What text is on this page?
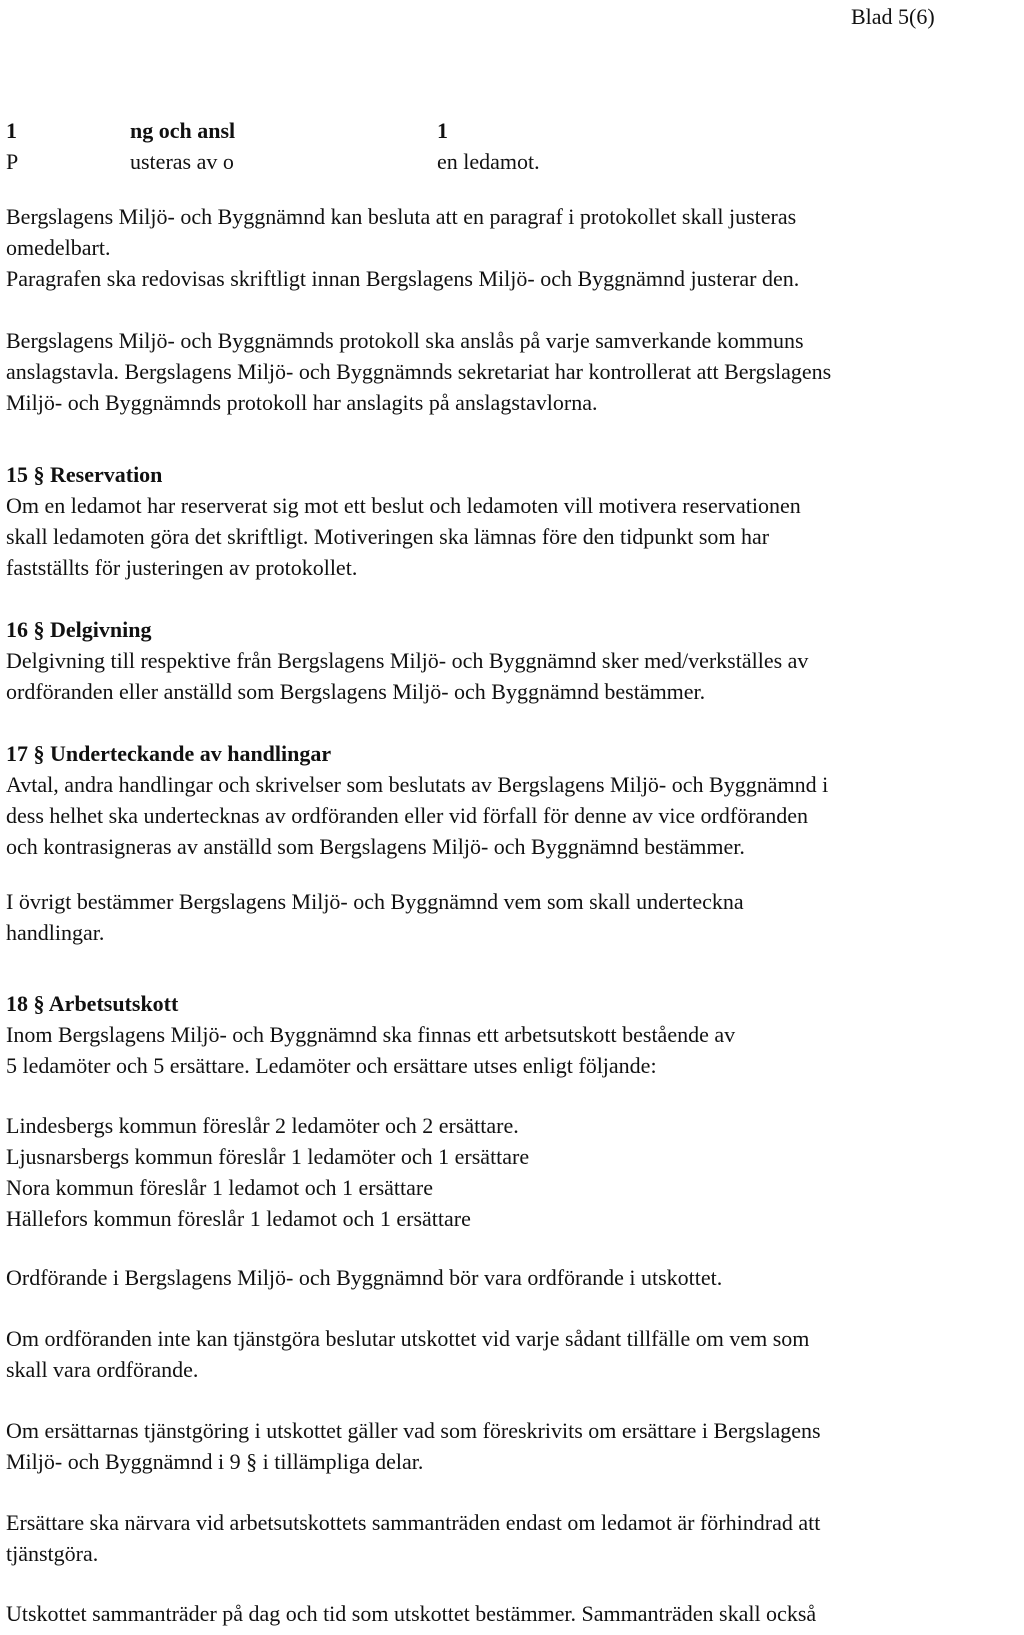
Blad 5(6)

1	ng och ansl	1
P	usteras av o	en ledamot.
Bergslagens Miljö- och Byggnämnd kan besluta att en paragraf i protokollet skall justeras
omedelbart.
Paragrafen ska redovisas skriftligt innan Bergslagens Miljö- och Byggnämnd justerar den.
Bergslagens Miljö- och Byggnämnds protokoll ska anslås på varje samverkande kommuns
anslagstavla. Bergslagens Miljö- och Byggnämnds sekretariat har kontrollerat att Bergslagens
Miljö- och Byggnämnds protokoll har anslagits på anslagstavlorna.
15 § Reservation
Om en ledamot har reserverat sig mot ett beslut och ledamoten vill motivera reservationen
skall ledamoten göra det skriftligt. Motiveringen ska lämnas före den tidpunkt som har
fastställts för justeringen av protokollet.
16 § Delgivning
Delgivning till respektive från Bergslagens Miljö- och Byggnämnd sker med/verkställes av
ordföranden eller anställd som Bergslagens Miljö- och Byggnämnd bestämmer.
17 § Underteckande av handlingar
Avtal, andra handlingar och skrivelser som beslutats av Bergslagens Miljö- och Byggnämnd i
dess helhet ska undertecknas av ordföranden eller vid förfall för denne av vice ordföranden
och kontrasigneras av anställd som Bergslagens Miljö- och Byggnämnd bestämmer.
I övrigt bestämmer Bergslagens Miljö- och Byggnämnd vem som skall underteckna
handlingar.
18 § Arbetsutskott
Inom Bergslagens Miljö- och Byggnämnd ska finnas ett arbetsutskott bestående av
5 ledamöter och 5 ersättare. Ledamöter och ersättare utses enligt följande:
Lindesbergs kommun föreslår 2 ledamöter och 2 ersättare.
Ljusnarsbergs kommun föreslår 1 ledamöter och 1 ersättare
Nora kommun föreslår 1 ledamot och 1 ersättare
Hällefors kommun föreslår 1 ledamot och 1 ersättare
Ordförande i Bergslagens Miljö- och Byggnämnd bör vara ordförande i utskottet.
Om ordföranden inte kan tjänstgöra beslutar utskottet vid varje sådant tillfälle om vem som
skall vara ordförande.
Om ersättarnas tjänstgöring i utskottet gäller vad som föreskrivits om ersättare i Bergslagens
Miljö- och Byggnämnd i 9 § i tillämpliga delar.
Ersättare ska närvara vid arbetsutskottets sammanträden endast om ledamot är förhindrad att
tjänstgöra.
Utskottet sammanträder på dag och tid som utskottet bestämmer. Sammanträden skall också
